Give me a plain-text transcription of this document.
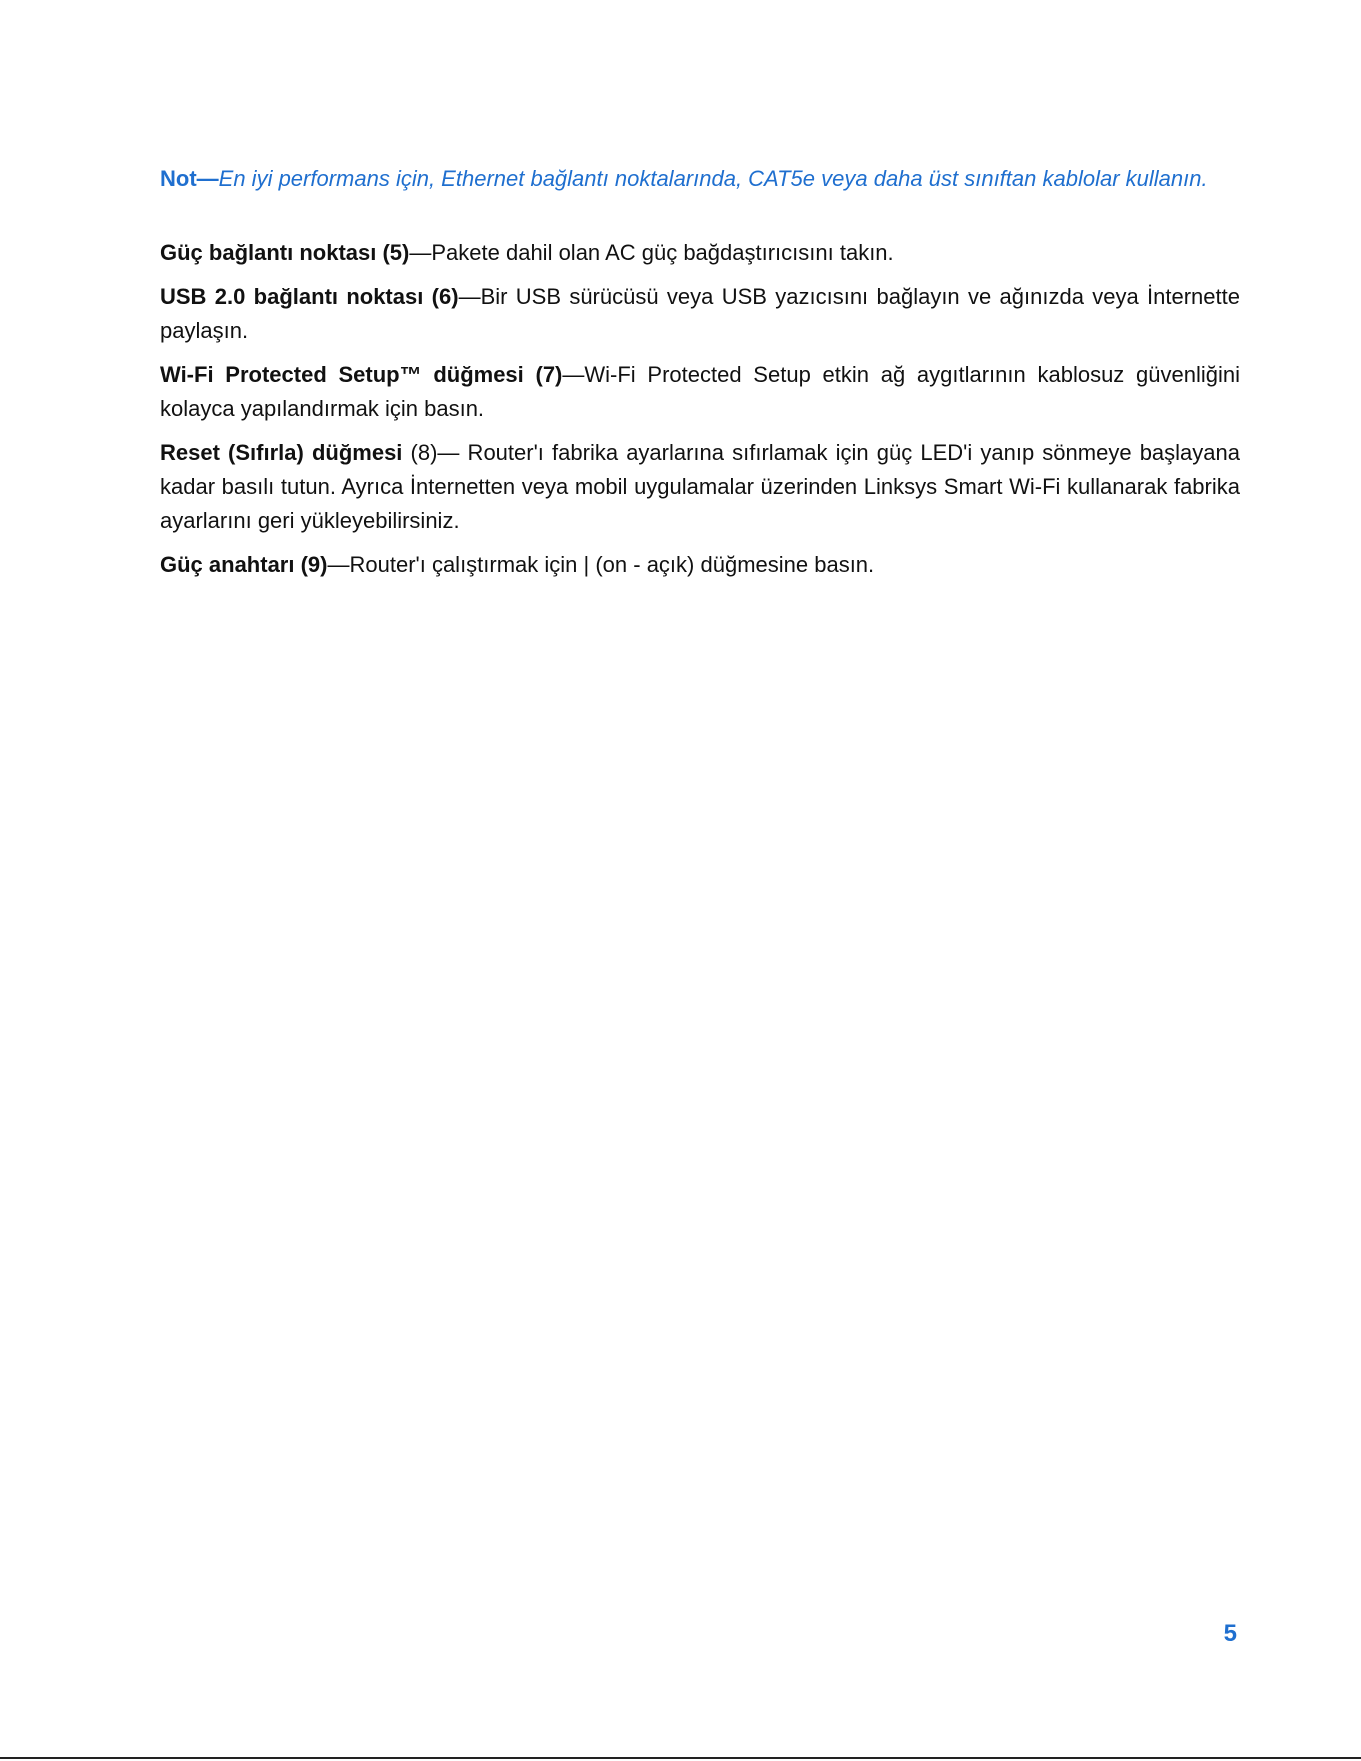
Not—En iyi performans için, Ethernet bağlantı noktalarında, CAT5e veya daha üst sınıftan kablolar kullanın.

Güç bağlantı noktası (5)—Pakete dahil olan AC güç bağdaştırıcısını takın.

USB 2.0 bağlantı noktası (6)—Bir USB sürücüsü veya USB yazıcısını bağlayın ve ağınızda veya İnternette paylaşın.

Wi-Fi Protected Setup™ düğmesi (7)—Wi-Fi Protected Setup etkin ağ aygıtlarının kablosuz güvenliğini kolayca yapılandırmak için basın.

Reset (Sıfırla) düğmesi (8)— Router'ı fabrika ayarlarına sıfırlamak için güç LED'i yanıp sönmeye başlayana kadar basılı tutun. Ayrıca İnternetten veya mobil uygulamalar üzerinden Linksys Smart Wi-Fi kullanarak fabrika ayarlarını geri yükleyebilirsiniz.

Güç anahtarı (9)—Router'ı çalıştırmak için | (on - açık) düğmesine basın.

5
